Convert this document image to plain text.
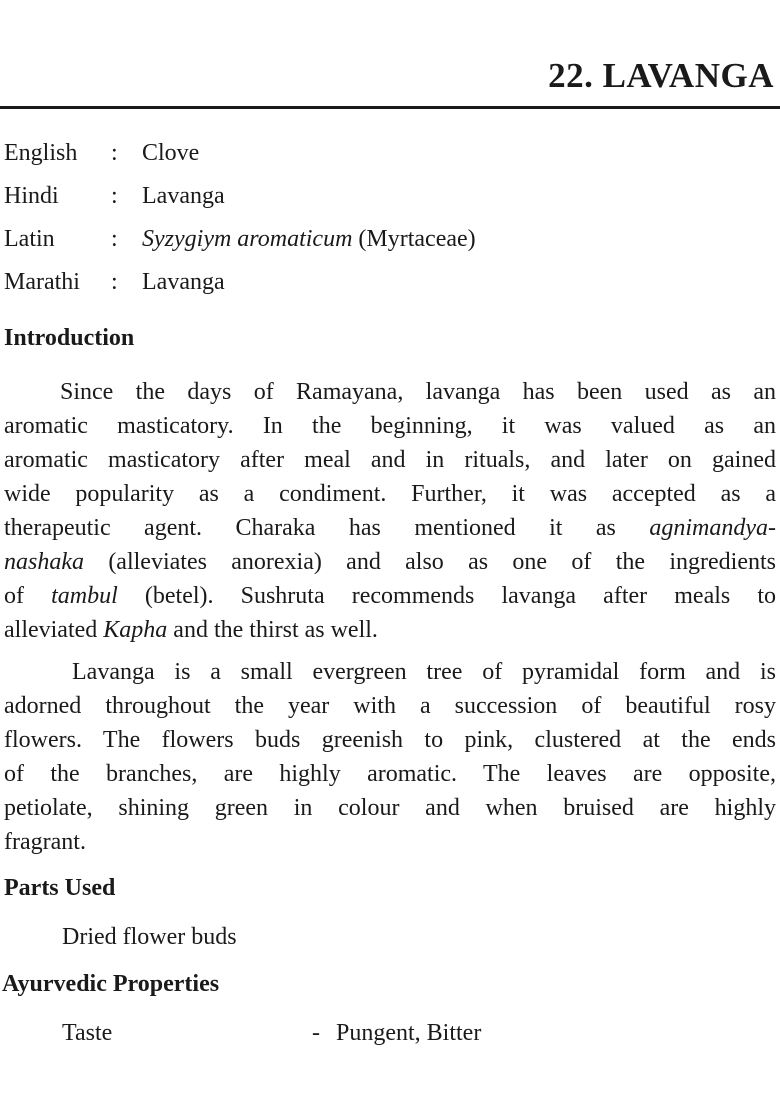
22. LAVANGA
English : Clove
Hindi : Lavanga
Latin : Syzygiym aromaticum (Myrtaceae)
Marathi : Lavanga
Introduction
Since the days of Ramayana, lavanga has been used as an
aromatic masticatory. In the beginning, it was valued as an
aromatic masticatory after meal and in rituals, and later on gained
wide popularity as a condiment. Further, it was accepted as a
therapeutic agent. Charaka has mentioned it as agnimandya-
nashaka (alleviates anorexia) and also as one of the ingredients
of tambul (betel). Sushruta recommends lavanga after meals to
alleviated Kapha and the thirst as well.
Lavanga is a small evergreen tree of pyramidal form and is
adorned throughout the year with a succession of beautiful rosy
flowers. The flowers buds greenish to pink, clustered at the ends
of the branches, are highly aromatic. The leaves are opposite,
petiolate, shining green in colour and when bruised are highly
fragrant.
Parts Used
Dried flower buds
Ayurvedic Properties
Taste	- Pungent, Bitter
